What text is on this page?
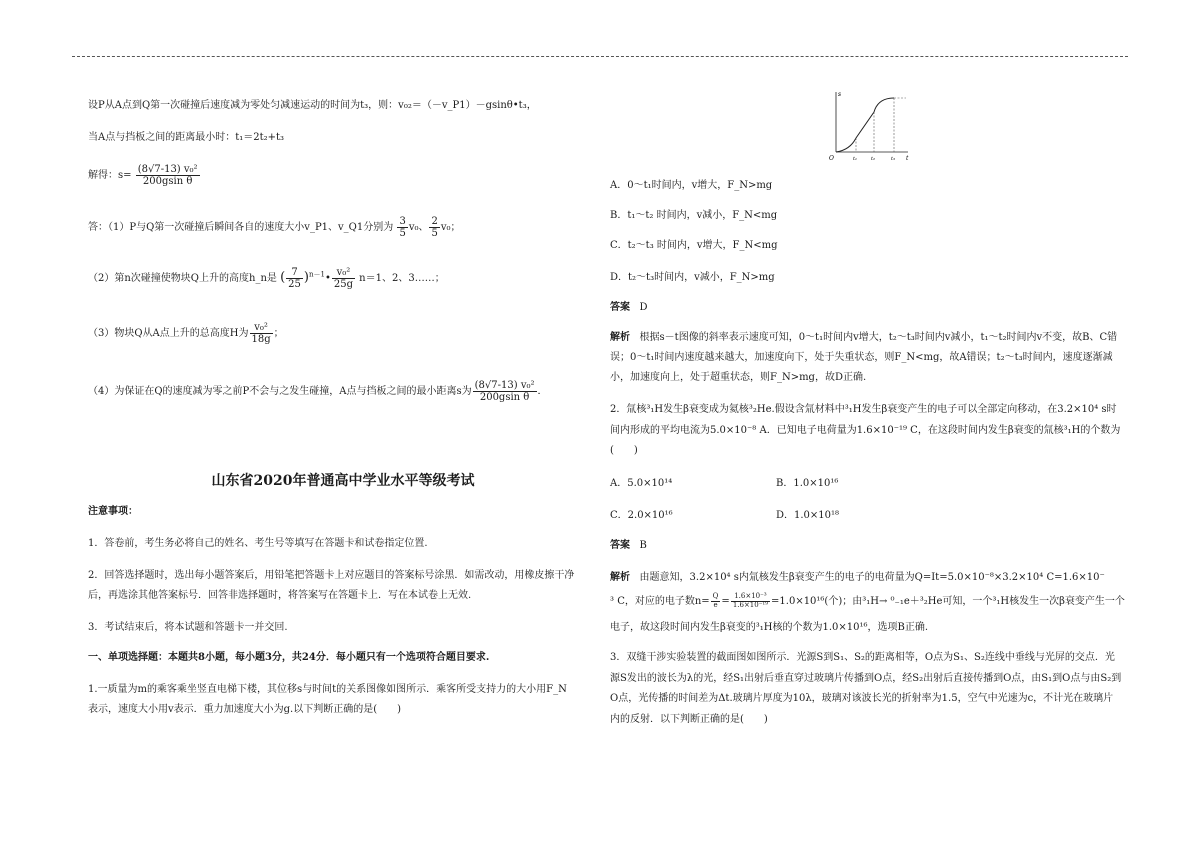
设P从A点到Q第一次碰撞后速度减为零处匀减速运动的时间为t₃，则：v₀₂＝（－v_P1）－gsinθ•t₃，
当A点与挡板之间的距离最小时：t₁＝2t₂+t₃
解得：$s= \frac{\text{(8√7-13) v₀²}}{\text{200gsin θ}}$
答：（1）P与Q第一次碰撞后瞬间各自的速度大小v_P1、v_Q1分别为 $\frac{3}{5} v_0$、 $\frac{2}{5} v_0$；
（2）第n次碰撞使物块Q上升的高度h_n是 ( $\frac{7}{25}$ )$^{n-1}$• $\frac{\text{v₀²}}{25g} n=1$、2、3……；
（3）物块Q从A点上升的总高度H为 $\frac{\text{v₀²}}{18g}$ ；
（4）为保证在Q的速度减为零之前P不会与之发生碰撞，A点与挡板之间的最小距离s为 $\frac{\text{(8√7-13) v₀²}}{\text{200gsin θ}}$ ．
注意事项：
1．答卷前，考生务必将自己的姓名、考生号等填写在答题卡和试卷指定位置.
2．回答选择题时，选出每小题答案后，用铅笔把答题卡上对应题目的答案标号涂黑．如需改动，用橡皮擦干净
后，再选涂其他答案标号．回答非选择题时，将答案写在答题卡上．写在本试卷上无效.
3．考试结束后，将本试题和答题卡一并交回.
一、单项选择题：本题共8小题，每小题3分，共24分．每小题只有一个选项符合题目要求.
1.一质量为m的乘客乘坐竖直电梯下楼，其位移s与时间t的关系图像如图所示．乘客所受支持力的大小用F_N
表示，速度大小用v表示．重力加速度大小为g.以下判断正确的是(　　)
山东省2020年普通高中学业水平等级考试
s
t
O	t₁	t₂	t₃
A．0～t₁时间内，v增大，F_N>mg
B．t₁～t₂ 时间内，v减小，F_N<mg
C．t₂～t₃ 时间内，v增大，F_N<mg
D．t₂～t₃时间内，v减小，F_N>mg
答案 D
解析 根据s－t图像的斜率表示速度可知，0～t₁时间内v增大，t₂～t₃时间内v减小，t₁～t₂时间内v不变，故B、C错误；0～t₁时间内速度越来越大，加速度向下，处于失重状态，则F_N<mg，故A错误；t₂～t₃时间内，速度逐渐减小，加速度向上，处于超重状态，则F_N>mg，故D正确.
2．氚核³₁H发生β衰变成为氦核³₂He.假设含氚材料中³₁H发生β衰变产生的电子可以全部定向移动，在3.2×10⁴ s时间内形成的平均电流为5.0×10⁻⁸ A．已知电子电荷量为1.6×10⁻¹⁹ C，在这段时间内发生β衰变的氚核³₁H的个数为(　　)
A．5.0×10¹⁴	B．1.0×10¹⁶
C．2.0×10¹⁶	D．1.0×10¹⁸
答案 B
解析 由题意知，3.2×10⁴ s内氚核发生β衰变产生的电子的电荷量为Q=It=5.0×10⁻⁸×3.2×10⁴ C=1.6×10⁻
³ C，对应的电子数$n= \frac{Q}{e} = \frac{\text{1.6×10⁻³}}{\text{1.6×10⁻¹⁹}} =1.0\times 10^{16}$(个)；由³₁H→ ⁰₋₁e＋³₂He可知，一个³₁H核发生一次β衰变产生一个
电子，故这段时间内发生β衰变的³₁H核的个数为1.0×10¹⁶，选项B正确.
3．双缝干涉实验装置的截面图如图所示．光源S到S₁、S₂的距离相等，O点为S₁、S₂连线中垂线与光屏的交点．光源S发出的波长为λ的光，经S₁出射后垂直穿过玻璃片传播到O点，经S₂出射后直接传播到O点，由S₁到O点与由S₂到O点，光传播的时间差为Δt.玻璃片厚度为10λ，玻璃对该波长光的折射率为1.5，空气中光速为c，不计光在玻璃片内的反射．以下判断正确的是(　　)
